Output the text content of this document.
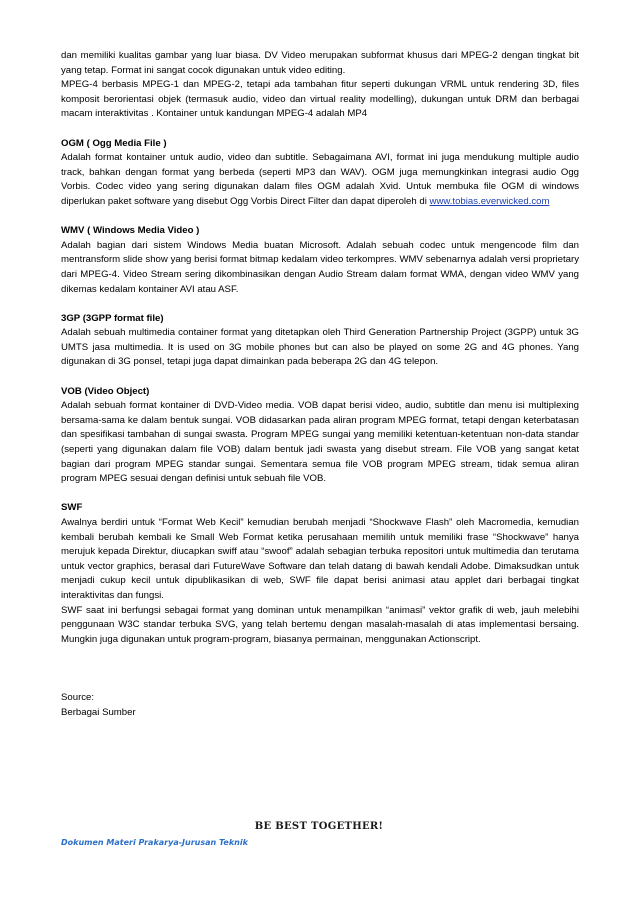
dan memiliki kualitas gambar yang luar biasa. DV Video merupakan subformat khusus dari MPEG-2 dengan tingkat bit yang tetap. Format ini sangat cocok digunakan untuk video editing.

MPEG-4 berbasis MPEG-1 dan MPEG-2, tetapi ada tambahan fitur seperti dukungan VRML untuk rendering 3D, files komposit berorientasi objek (termasuk audio, video dan virtual reality modelling), dukungan untuk DRM dan berbagai macam interaktivitas . Kontainer untuk kandungan MPEG-4 adalah MP4

OGM ( Ogg Media File )

Adalah format kontainer untuk audio, video dan subtitle. Sebagaimana AVI, format ini juga mendukung multiple audio track, bahkan dengan format yang berbeda (seperti MP3 dan WAV). OGM juga memungkinkan integrasi audio Ogg Vorbis. Codec video yang sering digunakan dalam files OGM adalah Xvid. Untuk membuka file OGM di windows diperlukan paket software yang disebut Ogg Vorbis Direct Filter dan dapat diperoleh di www.tobias.everwicked.com

WMV ( Windows Media Video )

Adalah bagian dari sistem Windows Media buatan Microsoft. Adalah sebuah codec untuk mengencode film dan mentransform slide show yang berisi format bitmap kedalam video terkompres. WMV sebenarnya adalah versi proprietary dari MPEG-4. Video Stream sering dikombinasikan dengan Audio Stream dalam format WMA, dengan video WMV yang dikemas kedalam kontainer AVI atau ASF.

3GP (3GPP format file)

Adalah sebuah multimedia container format yang ditetapkan oleh Third Generation Partnership Project (3GPP) untuk 3G UMTS jasa multimedia. It is used on 3G mobile phones but can also be played on some 2G and 4G phones. Yang digunakan di 3G ponsel, tetapi juga dapat dimainkan pada beberapa 2G dan 4G telepon.

VOB (Video Object)

Adalah sebuah format kontainer di DVD-Video media. VOB dapat berisi video, audio, subtitle dan menu isi multiplexing bersama-sama ke dalam bentuk sungai. VOB didasarkan pada aliran program MPEG format, tetapi dengan keterbatasan dan spesifikasi tambahan di sungai swasta. Program MPEG sungai yang memiliki ketentuan-ketentuan non-data standar (seperti yang digunakan dalam file VOB) dalam bentuk jadi swasta yang disebut stream. File VOB yang sangat ketat bagian dari program MPEG standar sungai. Sementara semua file VOB program MPEG stream, tidak semua aliran program MPEG sesuai dengan definisi untuk sebuah file VOB.

SWF

Awalnya berdiri untuk “Format Web Kecil” kemudian berubah menjadi “Shockwave Flash” oleh Macromedia, kemudian kembali berubah kembali ke Small Web Format ketika perusahaan memilih untuk memiliki frase “Shockwave” hanya merujuk kepada Direktur, diucapkan swiff atau “swoof” adalah sebagian terbuka repositori untuk multimedia dan terutama untuk vector graphics, berasal dari FutureWave Software dan telah datang di bawah kendali Adobe. Dimaksudkan untuk menjadi cukup kecil untuk dipublikasikan di web, SWF file dapat berisi animasi atau applet dari berbagai tingkat interaktivitas dan fungsi.

SWF saat ini berfungsi sebagai format yang dominan untuk menampilkan “animasi” vektor grafik di web, jauh melebihi penggunaan W3C standar terbuka SVG, yang telah bertemu dengan masalah-masalah di atas implementasi bersaing. Mungkin juga digunakan untuk program-program, biasanya permainan, menggunakan Actionscript.

Source:

Berbagai Sumber

BE BEST TOGETHER!
Dokumen Materi Prakarya-Jurusan Teknik
